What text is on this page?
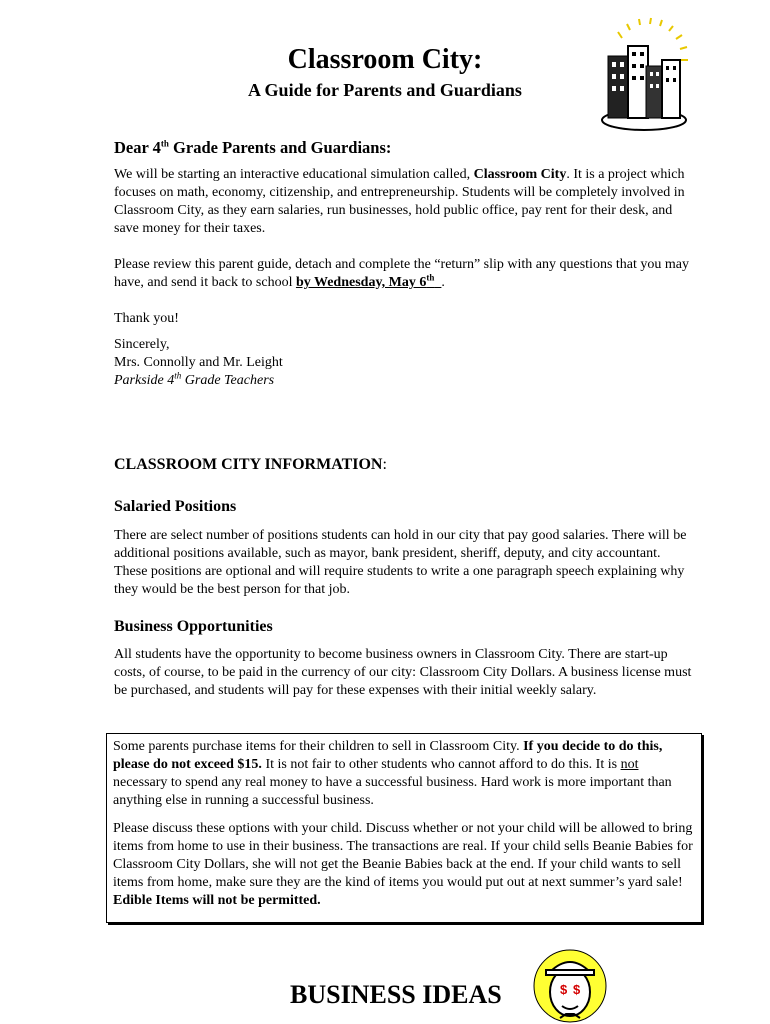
Classroom City:
A Guide for Parents and Guardians
Dear 4th Grade Parents and Guardians:
We will be starting an interactive educational simulation called, Classroom City. It is a project which focuses on math, economy, citizenship, and entrepreneurship. Students will be completely involved in Classroom City, as they earn salaries, run businesses, hold public office, pay rent for their desk, and save money for their taxes.
Please review this parent guide, detach and complete the “return” slip with any questions that you may have, and send it back to school by Wednesday, May 6th .
Thank you!
Sincerely,
Mrs. Connolly and Mr. Leight
Parkside 4th Grade Teachers
CLASSROOM CITY INFORMATION:
Salaried Positions
There are select number of positions students can hold in our city that pay good salaries. There will be additional positions available, such as mayor, bank president, sheriff, deputy, and city accountant. These positions are optional and will require students to write a one paragraph speech explaining why they would be the best person for that job.
Business Opportunities
All students have the opportunity to become business owners in Classroom City. There are start-up costs, of course, to be paid in the currency of our city: Classroom City Dollars. A business license must be purchased, and students will pay for these expenses with their initial weekly salary.

Some parents purchase items for their children to sell in Classroom City. If you decide to do this, please do not exceed $15. It is not fair to other students who cannot afford to do this. It is not necessary to spend any real money to have a successful business. Hard work is more important than anything else in running a successful business.

Please discuss these options with your child. Discuss whether or not your child will be allowed to bring items from home to use in their business. The transactions are real. If your child sells Beanie Babies for Classroom City Dollars, she will not get the Beanie Babies back at the end. If your child wants to sell items from home, make sure they are the kind of items you would put out at next summer’s yard sale! Edible Items will not be permitted.

BUSINESS IDEAS	$ $
